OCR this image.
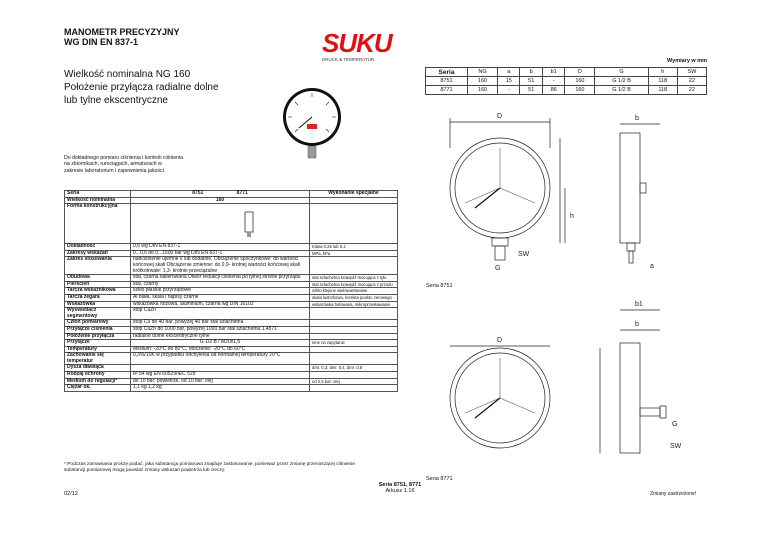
MANOMETR PRECYZYJNY
WG DIN EN 837-1
Wielkość nominalna NG 160
Położenie przyłącza radialne dolne
lub tylne ekscentryczne
Do dokładnego pomiaru ciśnienia i kontroli ciśnienia
na zbiornikach, rurociągach, armaturach w
zakresie laboratorium i zapewnienia jakości.
SUKU
DRUCK & TEMPERATUR	Wymiary w mm
Seria	NG	a	b	b1	D	G	h	SW
8751	160	15	51	-	160	G 1/2 B	118	22
8771	160	-	51	86	160	G 1/2 B	118	22
Seria	8751 8771	Wykonanie specjalne
Wielkość nominalna	160	
Forma konstrukcyjna		
Dokładność	0,6 wg DIN EN 837-1	Klasa 0,25 lub 0,1
Zakresy wskazań	0...0,6 do 0...1600 bar wg DIN EN 837-1	MPa, kPa
Zakres stosowania	nadciśnienie ujemne i/ lub dodatnie, Obciążenie spoczynkowe: do wartości końcowej skali Obciążenie zmienne: do 0,9- krotnej wartości końcowej skali krótkotrwale: 1,3- krotnie przeciążalne	
Obudowa	stal, czarna lakierowana Otwór redukcji ciśnienia po tylnej stronie przyrządu	stal szlachetna krawędź mocująca z tyłu
Pierścień	stal, czarny	stal szlachetna krawędź mocująca z przodu
Tarcza wskaźnikowa	szkło płaskie przyrządowe	szkło klejone wielowarstwowe
Tarcza zegara	Al biała, skala i napisy czarne	skala lustrzkowa, korekta punktu zerowego
Wskazówka	wskazówka nożowa, aluminium, czarna wg DIN 16102	wskazówka holowana, mikroprzesławianie
Wyświetlacz segmentowy	stop CuZn	
Człon pomiarowy	stop Cu do 40 bar, powyżej 40 bar stal szlachetna	
Przyłącze ciśnienia	stop CuZn do 1000 bar, powyżej 1000 bar stal szlachetna 1.4571	
Położenie przyłącza	radialne dolne ekscentryczne tylne	
Przyłącze	G 1/2 B / M20x1,5	inne na zapytanie
Temperatury	Medium: -20°C do 80°C, otoczenie: -20°C do 60°C	
Zachowanie się temperatur	0,3%/10K w przypadku odchylenia od normalnej temperatury 20°C	
Dysza dławiąca		dmr. 0,3; dmr. 0,4; dmr. 0,8
Rodzaj ochrony	IP 54 wg EN 60529/IEC 529	
Medium do regulacji*	do 10 bar: powietrze, od 10 bar: olej	od 2,5 bar: olej
Ciężar ok.	1,1 kg 1,2 kg	
* Podczas zamawiania proszę podać, jaka substancja pomiarowa znajduje zastosowanie, ponieważ przez zmianę przenoszącej ciśnienie
substancji pomiarowej mogą powstać zmiany wskazań powietrza lub cieczy.
D	b
h
SW
G	a
b1
D
b
SW
G
Seria 8751
Seria 8771
02/12
Seria 8751, 8771
Arkusz 1.16	Zmiany zastrzeżone!
